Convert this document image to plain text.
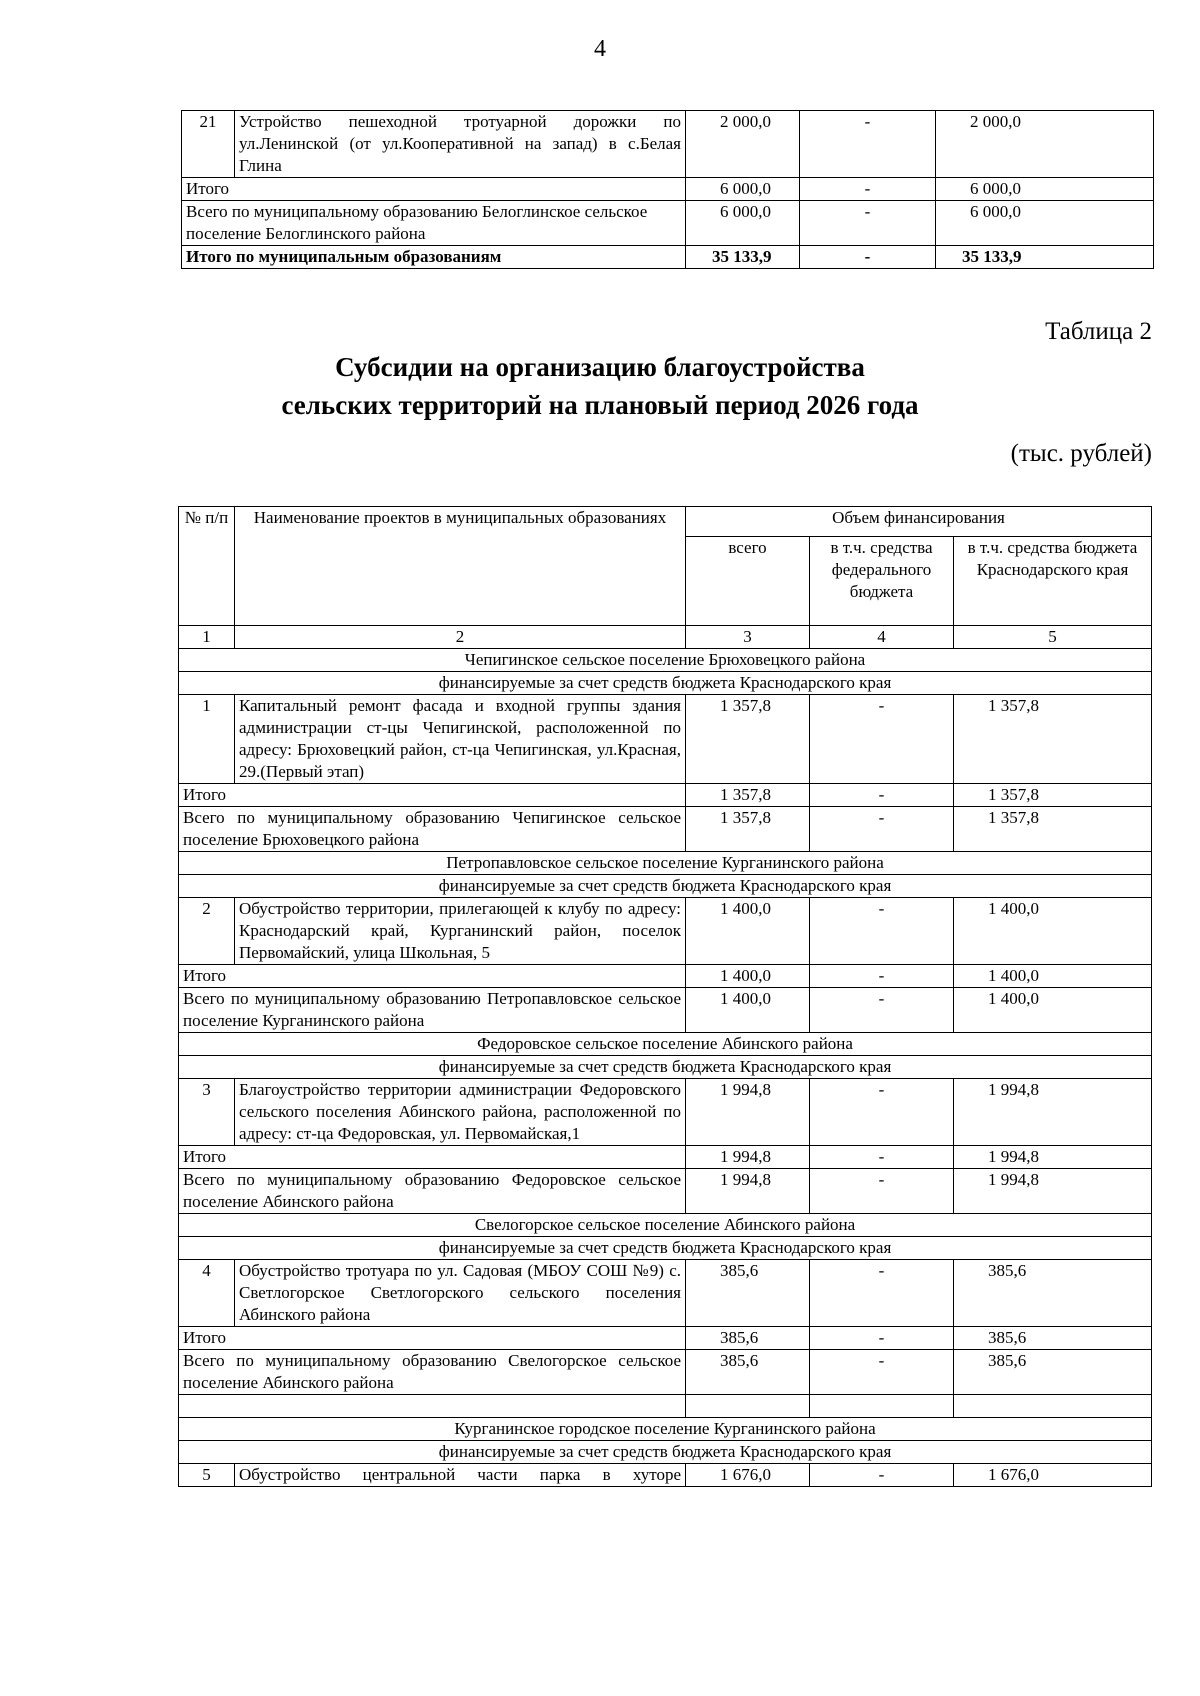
4
21	Устройство пешеходной тротуарной дорожки по ул.Ленинской (от ул.Кооперативной на запад) в с.Белая Глина	2 000,0	-	2 000,0
Итого		6 000,0	-	6 000,0
Всего по муниципальному образованию Белоглинское сельское поселение Белоглинского района		6 000,0	-	6 000,0
Итого по муниципальным образованиям		35 133,9	-	35 133,9
Таблица 2
Субсидии на организацию благоустройства
сельских территорий на плановый период 2026 года
(тыс. рублей)
№ п/п	Наименование проектов в муниципальных образованиях	Объем финансирования		
		всего	в т.ч. средства федерального бюджета	в т.ч. средства бюджета Краснодарского края
1	2	3	4	5
Чепигинское сельское поселение Брюховецкого района				
финансируемые за счет средств бюджета Краснодарского края				
1	Капитальный ремонт фасада и входной группы здания администрации ст-цы Чепигинской, расположенной по адресу: Брюховецкий район, ст-ца Чепигинская, ул.Красная, 29.(Первый этап)	1 357,8	-	1 357,8
Итого		1 357,8	-	1 357,8
Всего по муниципальному образованию Чепигинское сельское поселение Брюховецкого района		1 357,8	-	1 357,8
Петропавловское сельское поселение Курганинского района				
финансируемые за счет средств бюджета Краснодарского края				
2	Обустройство территории, прилегающей к клубу по адресу: Краснодарский край, Курганинский район, поселок Первомайский, улица Школьная, 5	1 400,0	-	1 400,0
Итого		1 400,0	-	1 400,0
Всего по муниципальному образованию Петропавловское сельское поселение Курганинского района		1 400,0	-	1 400,0
Федоровское сельское поселение Абинского района				
финансируемые за счет средств бюджета Краснодарского края				
3	Благоустройство территории администрации Федоровского сельского поселения Абинского района, расположенной по адресу: ст-ца Федоровская, ул. Первомайская,1	1 994,8	-	1 994,8
Итого		1 994,8	-	1 994,8
Всего по муниципальному образованию Федоровское сельское поселение Абинского района		1 994,8	-	1 994,8
Свелогорское сельское поселение Абинского района				
финансируемые за счет средств бюджета Краснодарского края				
4	Обустройство тротуара по ул. Садовая (МБОУ СОШ №9) с. Светлогорское Светлогорского сельского поселения Абинского района	385,6	-	385,6
Итого		385,6	-	385,6
Всего по муниципальному образованию Свелогорское сельское поселение Абинского района		385,6	-	385,6

Курганинское городское поселение Курганинского района				
финансируемые за счет средств бюджета Краснодарского края				
5	Обустройство центральной части парка в хуторе	1 676,0	-	1 676,0
